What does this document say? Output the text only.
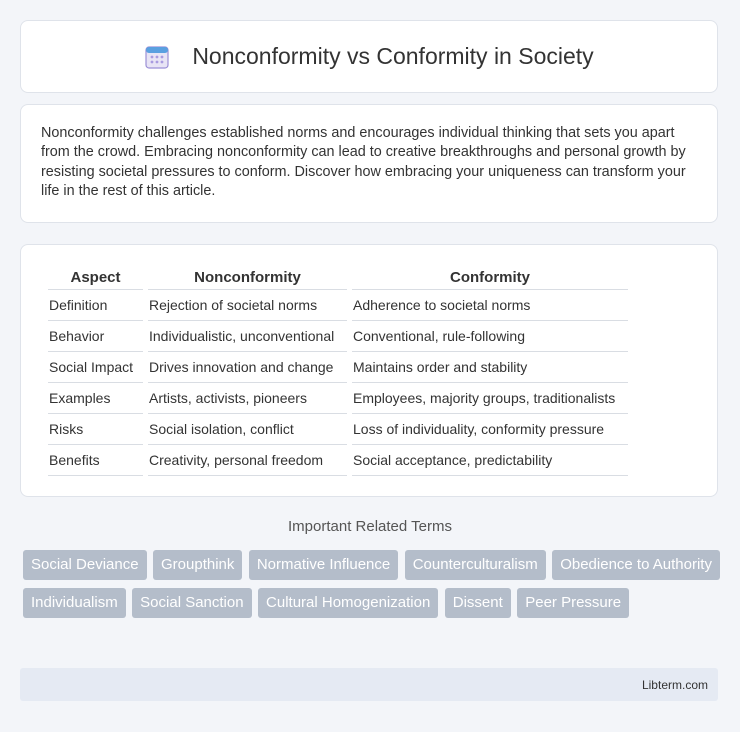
Nonconformity vs Conformity in Society

Nonconformity challenges established norms and encourages individual thinking that sets you apart from the crowd. Embracing nonconformity can lead to creative breakthroughs and personal growth by resisting societal pressures to conform. Discover how embracing your uniqueness can transform your life in the rest of this article.

Aspect	Nonconformity	Conformity
Definition	Rejection of societal norms	Adherence to societal norms
Behavior	Individualistic, unconventional	Conventional, rule-following
Social Impact	Drives innovation and change	Maintains order and stability
Examples	Artists, activists, pioneers	Employees, majority groups, traditionalists
Risks	Social isolation, conflict	Loss of individuality, conformity pressure
Benefits	Creativity, personal freedom	Social acceptance, predictability
Important Related Terms
Social Deviance Groupthink Normative Influence Counterculturalism Obedience to Authority Individualism Social Sanction Cultural Homogenization Dissent Peer Pressure
Libterm.com
